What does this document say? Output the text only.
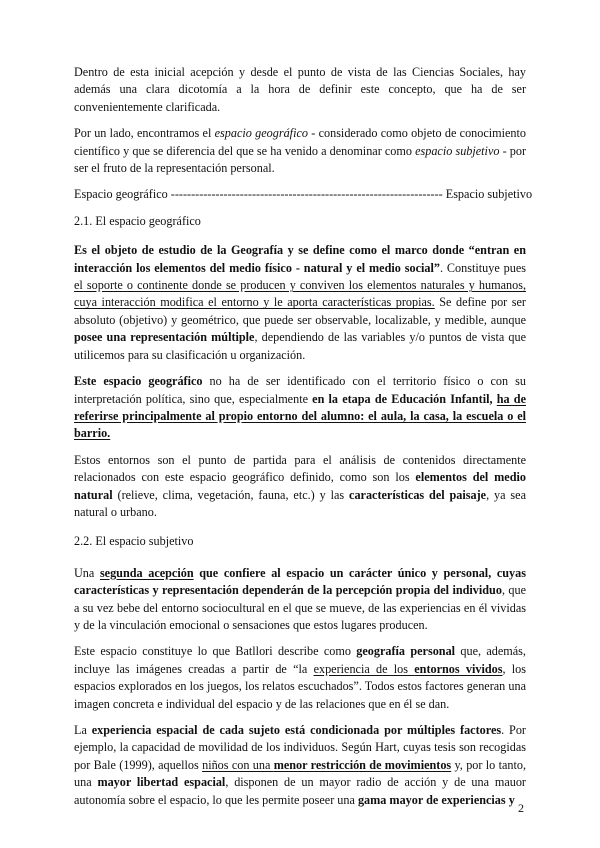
Dentro de esta inicial acepción y desde el punto de vista de las Ciencias Sociales, hay además una clara dicotomía a la hora de definir este concepto, que ha de ser convenientemente clarificada.

Por un lado, encontramos el espacio geográfico - considerado como objeto de conocimiento científico y que se diferencia del que se ha venido a denominar como espacio subjetivo - por ser el fruto de la representación personal.

Espacio geográfico ------------------------------------------------------------------- Espacio subjetivo
2.1. El espacio geográfico

Es el objeto de estudio de la Geografía y se define como el marco donde “entran en interacción los elementos del medio físico - natural y el medio social”. Constituye pues el soporte o continente donde se producen y conviven los elementos naturales y humanos, cuya interacción modifica el entorno y le aporta características propias. Se define por ser absoluto (objetivo) y geométrico, que puede ser observable, localizable, y medible, aunque posee una representación múltiple, dependiendo de las variables y/o puntos de vista que utilicemos para su clasificación u organización.

Este espacio geográfico no ha de ser identificado con el territorio físico o con su interpretación política, sino que, especialmente en la etapa de Educación Infantil, ha de referirse principalmente al propio entorno del alumno: el aula, la casa, la escuela o el barrio.

Estos entornos son el punto de partida para el análisis de contenidos directamente relacionados con este espacio geográfico definido, como son los elementos del medio natural (relieve, clima, vegetación, fauna, etc.) y las características del paisaje, ya sea natural o urbano.

2.2. El espacio subjetivo

Una segunda acepción que confiere al espacio un carácter único y personal, cuyas características y representación dependerán de la percepción propia del individuo, que a su vez bebe del entorno sociocultural en el que se mueve, de las experiencias en él vividas y de la vinculación emocional o sensaciones que estos lugares producen.

Este espacio constituye lo que Batllori describe como geografía personal que, además, incluye las imágenes creadas a partir de “la experiencia de los entornos vividos, los espacios explorados en los juegos, los relatos escuchados”. Todos estos factores generan una imagen concreta e individual del espacio y de las relaciones que en él se dan.

La experiencia espacial de cada sujeto está condicionada por múltiples factores. Por ejemplo, la capacidad de movilidad de los individuos. Según Hart, cuyas tesis son recogidas por Bale (1999), aquellos niños con una menor restricción de movimientos y, por lo tanto, una mayor libertad espacial, disponen de un mayor radio de acción y de una mauor autonomía sobre el espacio, lo que les permite poseer una gama mayor de experiencias y

2
